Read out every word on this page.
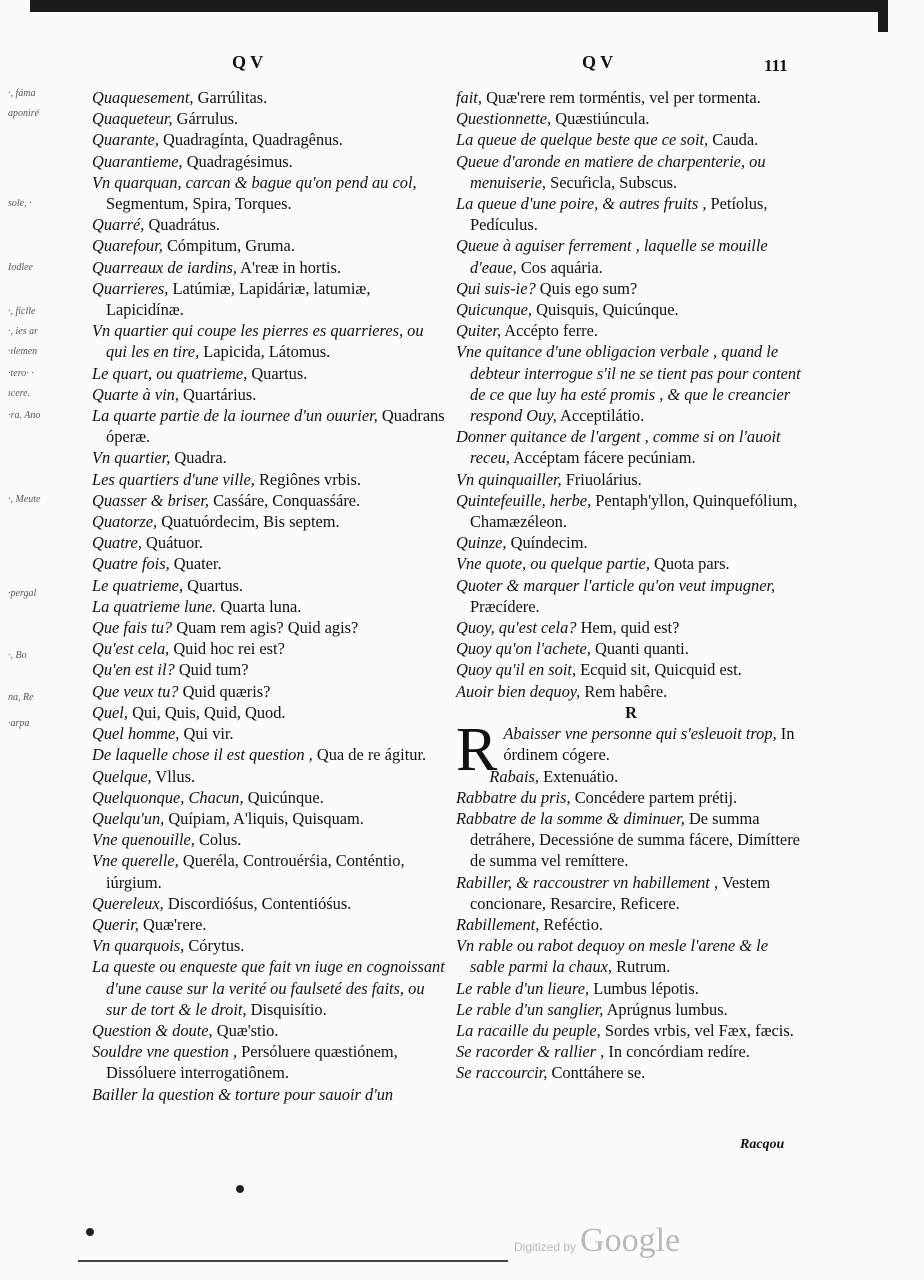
Q V	Q V	111

Quaquesement, Garrúlitas.

Quaqueteur, Gárrulus.

Quarante, Quadragínta, Quadragênus.

Quarantieme, Quadragésimus.

Vn quarquan, carcan & bague qu'on pend au col, Segmentum, Spira, Torques.

Quarré, Quadrátus.

Quarefour, Cómpitum, Gruma.

Quarreaux de iardins, A'reæ in hortis.

Quarrieres, Latúmiæ, Lapidáriæ, latumiæ, Lapicidínæ.

Vn quartier qui coupe les pierres es quarrieres, ou qui les en tire, Lapicida, Látomus.

Le quart, ou quatrieme, Quartus.

Quarte à vin, Quartárius.

La quarte partie de la iournee d'un ouurier, Quadrans óperæ.

Vn quartier, Quadra.

Les quartiers d'une ville, Regiônes vrbis.

Quasser & briser, Casśáre, Conquasśáre.

Quatorze, Quatuórdecim, Bis septem.

Quatre, Quátuor.

Quatre fois, Quater.

Le quatrieme, Quartus.

La quatrieme lune. Quarta luna.

Que fais tu? Quam rem agis? Quid agis?

Qu'est cela, Quid hoc rei est?

Qu'en est il? Quid tum?

Que veux tu? Quid quæris?

Quel, Qui, Quis, Quid, Quod.

Quel homme, Qui vir.

De laquelle chose il est question , Qua de re ágitur.

Quelque, Vllus.

Quelquonque, Chacun, Quicúnque.

Quelqu'un, Quípiam, A'liquis, Quisquam.

Vne quenouille, Colus.

Vne querelle, Queréla, Controuérśia, Conténtio, iúrgium.

Quereleux, Discordióśus, Contentióśus.

Querir, Quæ'rere.

Vn quarquois, Córytus.

La queste ou enqueste que fait vn iuge en cognoissant d'une cause sur la verité ou faulseté des faits, ou sur de tort & le droit, Disquisítio.

Question & doute, Quæ'stio.

Souldre vne question , Persóluere quæstiónem, Dissóluere interrogatiônem.

Bailler la question & torture pour sauoir d'un

fait, Quæ'rere rem torméntis, vel per tormenta.

Questionnette, Quæstiúncula.

La queue de quelque beste que ce soit, Cauda.

Queue d'aronde en matiere de charpenterie, ou menuiserie, Secuŕicla, Subscus.

La queue d'une poire, & autres fruits , Petíolus, Pedículus.

Queue à aguiser ferrement , laquelle se mouille d'eaue, Cos aquária.

Qui suis-ie? Quis ego sum?

Quicunque, Quisquis, Quicúnque.

Quiter, Accépto ferre.

Vne quitance d'une obligacion verbale , quand le debteur interrogue s'il ne se tient pas pour content de ce que luy ha esté promis , & que le creancier respond Ouy, Acceptilátio.

Donner quitance de l'argent , comme si on l'auoit receu, Accéptam fácere pecúniam.

Vn quinquailler, Friuolárius.

Quintefeuille, herbe, Pentaph'yllon, Quinquefólium, Chamæzéleon.

Quinze, Quíndecim.

Vne quote, ou quelque partie, Quota pars.

Quoter & marquer l'article qu'on veut impugner, Præcídere.

Quoy, qu'est cela? Hem, quid est?

Quoy qu'on l'achete, Quanti quanti.

Quoy qu'il en soit, Ecquid sit, Quicquid est.

Auoir bien dequoy, Rem habêre.

R

R Abaisser vne personne qui s'esleuoit trop, In órdinem cógere.

Rabais, Extenuátio.

Rabbatre du pris, Concédere partem prétij.

Rabbatre de la somme & diminuer, De summa detráhere, Decessióne de summa fácere, Dimíttere de summa vel remíttere.

Rabiller, & raccoustrer vn habillement , Vestem concionare, Resarcire, Reficere.

Rabillement, Reféctio.

Vn rable ou rabot dequoy on mesle l'arene & le sable parmi la chaux, Rutrum.

Le rable d'un lieure, Lumbus lépotis.

Le rable d'un sanglier, Aprúgnus lumbus.

La racaille du peuple, Sordes vrbis, vel Fæx, fæcis.

Se racorder & rallier , In concórdiam redíre.

Se raccourcir, Conttáhere se.

·, fáma
aponiré
sole, ·
Iodlee
·, ficlle
·, ies ar
·ılemen
·tero· ·
ıcere.
·ra. Ano
·, Meute
·pergal
·, Bo
na, Re
·arpa
Racqou
Digitized by Google
